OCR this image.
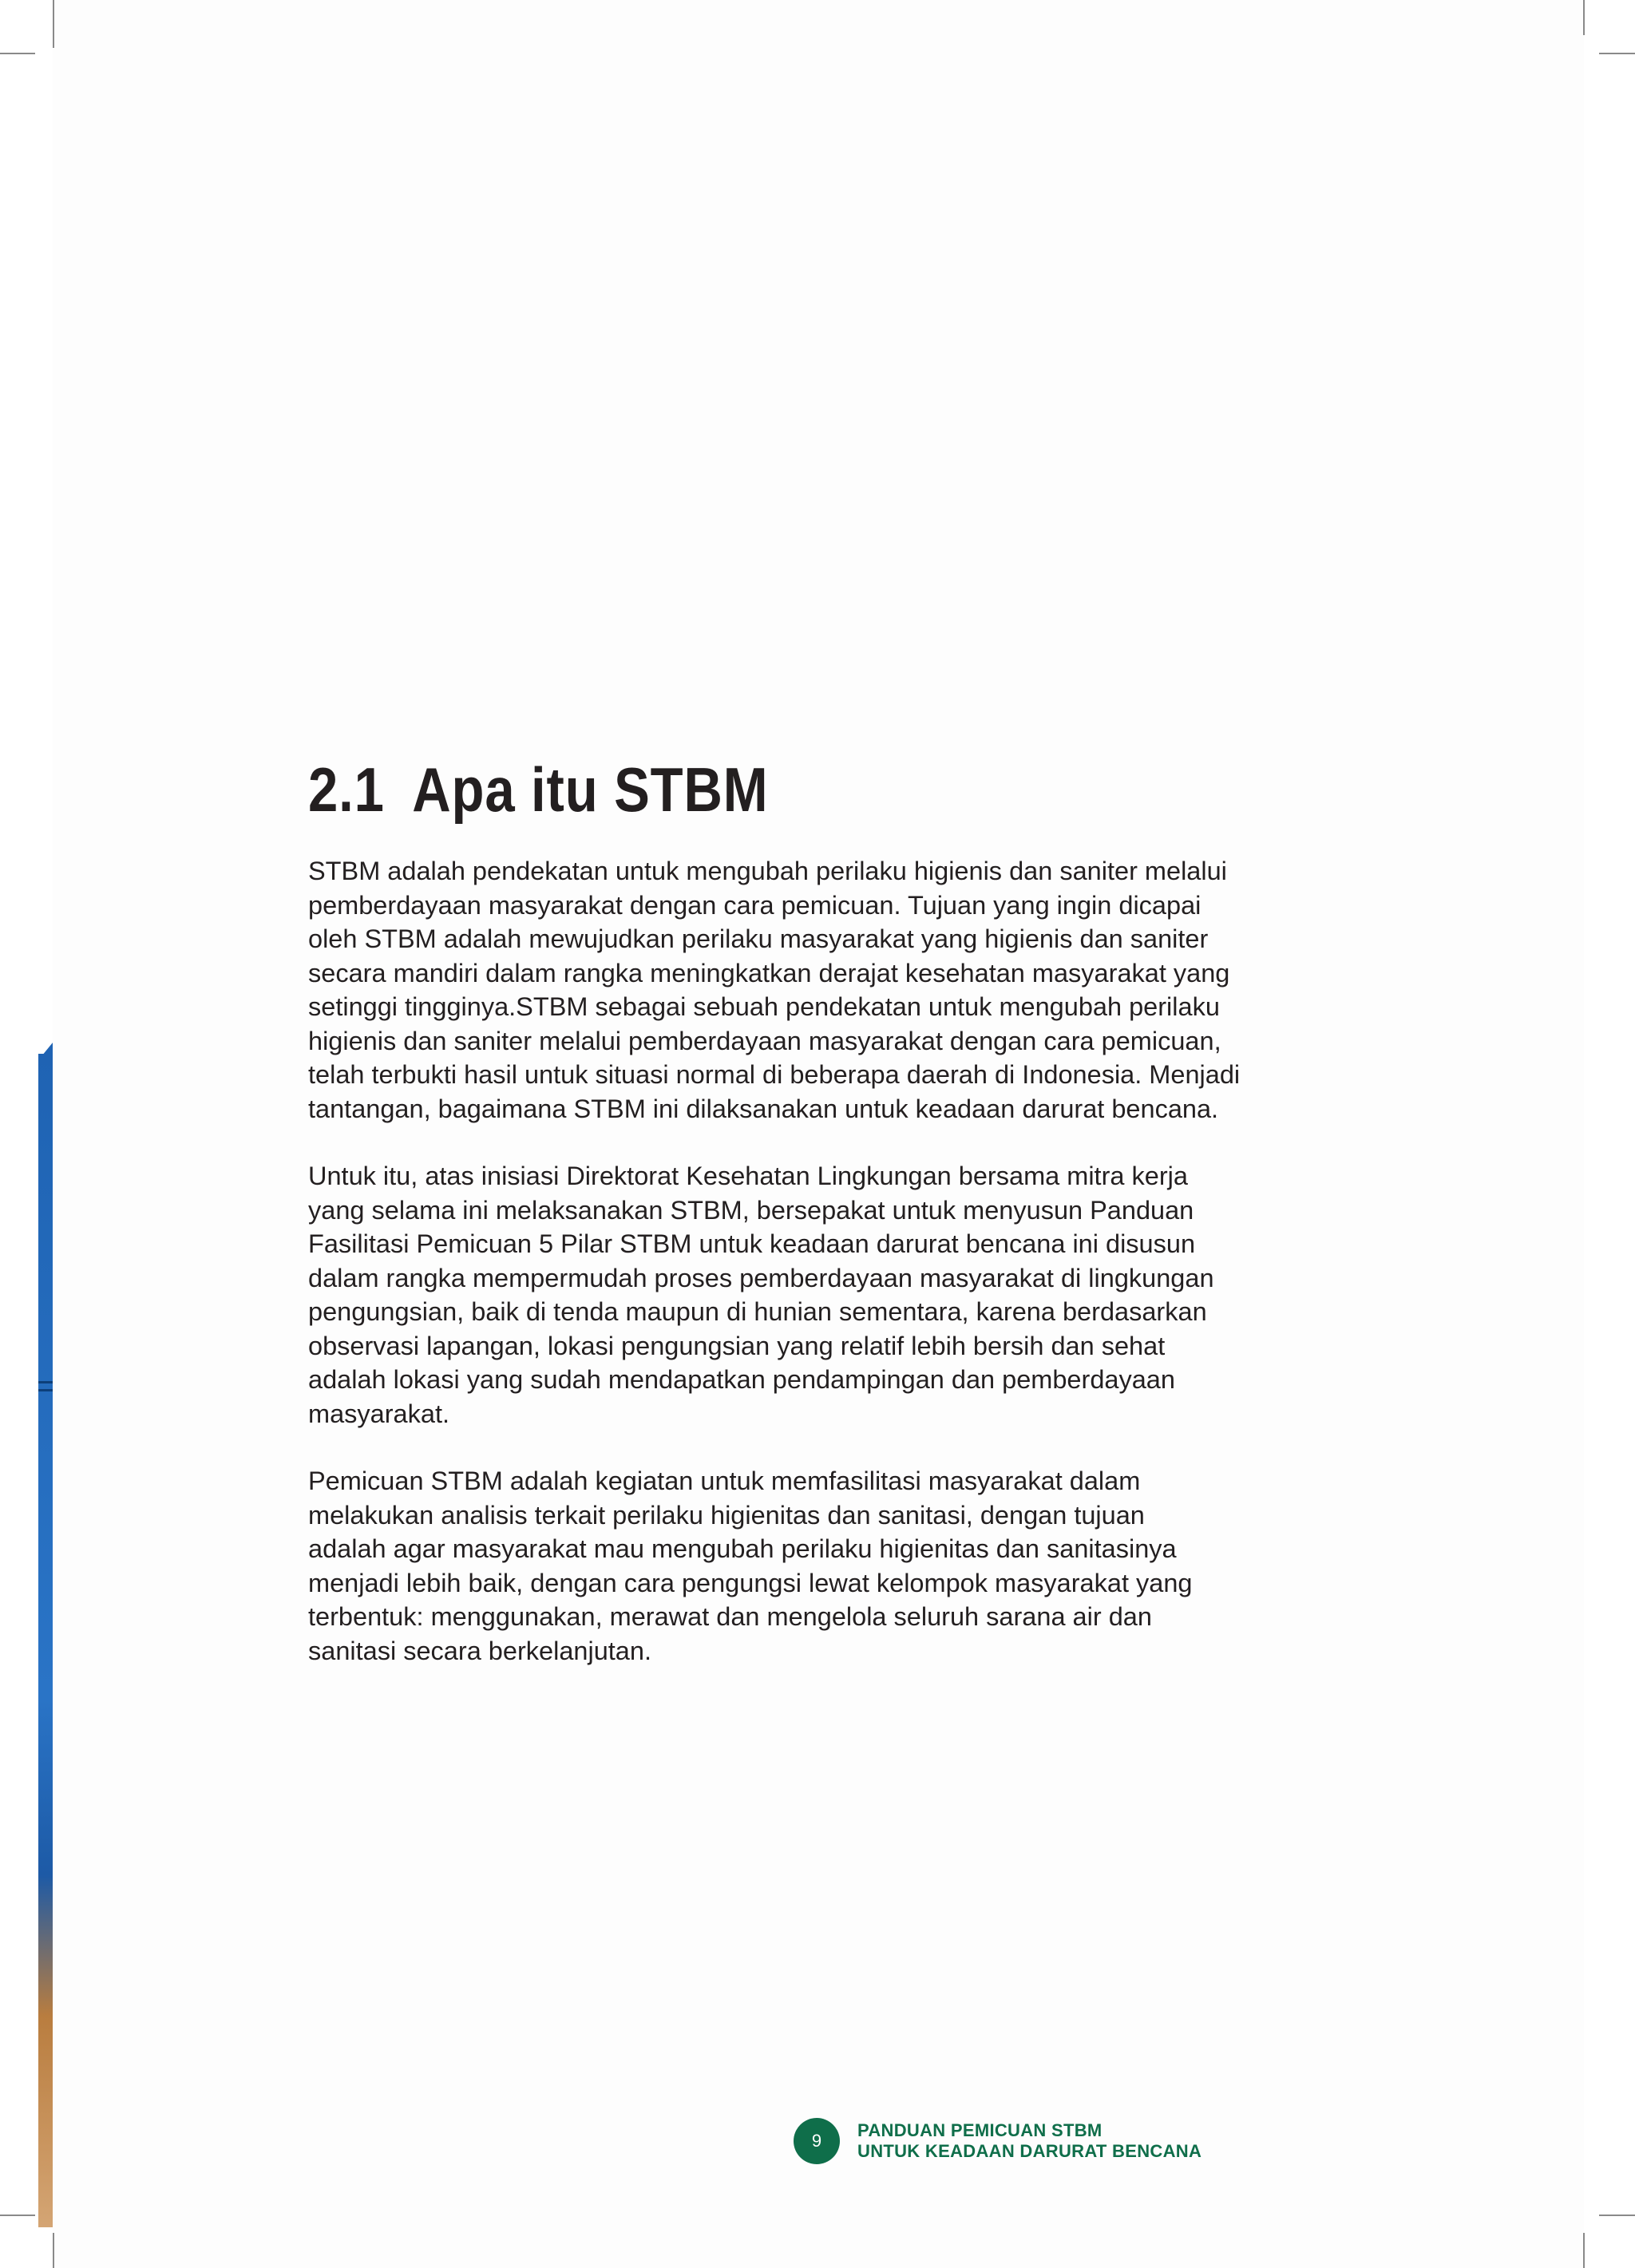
2.1 Apa itu STBM

STBM adalah pendekatan untuk mengubah perilaku higienis dan saniter melalui
pemberdayaan masyarakat dengan cara pemicuan. Tujuan yang ingin dicapai
oleh STBM adalah mewujudkan perilaku masyarakat yang higienis dan saniter
secara mandiri dalam rangka meningkatkan derajat kesehatan masyarakat yang
setinggi tingginya.STBM sebagai sebuah pendekatan untuk mengubah perilaku
higienis dan saniter melalui pemberdayaan masyarakat dengan cara pemicuan,
telah terbukti hasil untuk situasi normal di beberapa daerah di Indonesia. Menjadi
tantangan, bagaimana STBM ini dilaksanakan untuk keadaan darurat bencana.

Untuk itu, atas inisiasi Direktorat Kesehatan Lingkungan bersama mitra kerja
yang selama ini melaksanakan STBM, bersepakat untuk menyusun Panduan
Fasilitasi Pemicuan 5 Pilar STBM untuk keadaan darurat bencana ini disusun
dalam rangka mempermudah proses pemberdayaan masyarakat di lingkungan
pengungsian, baik di tenda maupun di hunian sementara, karena berdasarkan
observasi lapangan, lokasi pengungsian yang relatif lebih bersih dan sehat
adalah lokasi yang sudah mendapatkan pendampingan dan pemberdayaan
masyarakat.

Pemicuan STBM adalah kegiatan untuk memfasilitasi masyarakat dalam
melakukan analisis terkait perilaku higienitas dan sanitasi, dengan tujuan
adalah agar masyarakat mau mengubah perilaku higienitas dan sanitasinya
menjadi lebih baik, dengan cara pengungsi lewat kelompok masyarakat yang
terbentuk: menggunakan, merawat dan mengelola seluruh sarana air dan
sanitasi secara berkelanjutan.

9
PANDUAN PEMICUAN STBM
UNTUK KEADAAN DARURAT BENCANA
